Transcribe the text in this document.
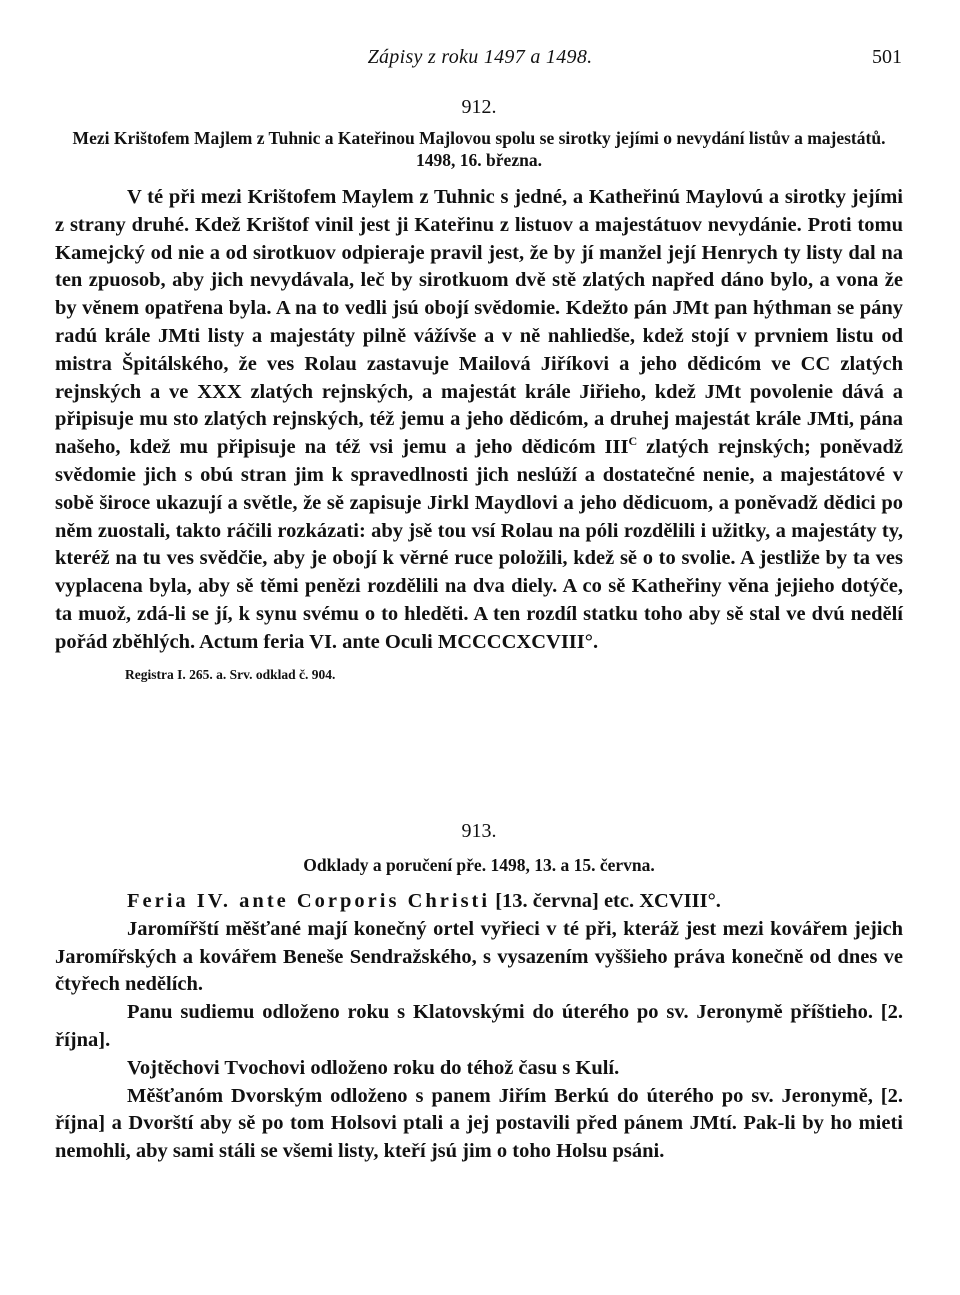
Zápisy z roku 1497 a 1498.	501
912.
Mezi Krištofem Majlem z Tuhnic a Kateřinou Majlovou spolu se sirotky jejími o nevydání listův a majestátů. 1498, 16. března.

V té při mezi Krištofem Maylem z Tuhnic s jedné, a Katheřinú Maylovú a sirotky jejími z strany druhé. Kdež Krištof vinil jest ji Kateřinu z listuov a majestátuov nevydánie. Proti tomu Kamejcký od nie a od sirotkuov odpieraje pravil jest, že by jí manžel její Henrych ty listy dal na ten zpuosob, aby jich nevydávala, leč by sirotkuom dvě stě zlatých napřed dáno bylo, a vona že by věnem opatřena byla. A na to vedli jsú obojí svědomie. Kdežto pán JMt pan hýthman se pány radú krále JMti listy a majestáty pilně vážívše a v ně nahliedše, kdež stojí v prvniem listu od mistra Špitálského, že ves Rolau zastavuje Mailová Jiříkovi a jeho dědicóm ve CC zlatých rejnských a ve XXX zlatých rejnských, a majestát krále Jiřieho, kdež JMt povolenie dává a připisuje mu sto zlatých rejnských, též jemu a jeho dědicóm, a druhej majestát krále JMti, pána našeho, kdež mu připisuje na též vsi jemu a jeho dědicóm $III^C$ zlatých rejnských; poněvadž svědomie jich s obú stran jim k spravedlnosti jich neslúží a dostatečné nenie, a majestátové v sobě široce ukazují a světle, že sě zapisuje Jirkl Maydlovi a jeho dědicuom, a poněvadž dědici po něm zuostali, takto ráčili rozkázati: aby jsě tou vsí Rolau na póli rozdělili i užitky, a majestáty ty, kteréž na tu ves svědčie, aby je obojí k věrné ruce položili, kdež sě o to svolie. A jestliže by ta ves vyplacena byla, aby sě těmi penězi rozdělili na dva diely. A co sě Katheřiny věna jejieho dotýče, ta muož, zdá-li se jí, k synu svému o to hleděti. A ten rozdíl statku toho aby sě stal ve dvú nedělí pořád zběhlých. Actum feria VI. ante Oculi MCCCCXCVIII°.

Registra I. 265. a. Srv. odklad č. 904.
913.
Odklady a poručení pře. 1498, 13. a 15. června.

Feria IV. ante Corporis Christi [13. června] etc. XCVIII°.

Jaromířští měšťané mají konečný ortel vyřieci v té při, kteráž jest mezi kovářem jejich Jaromířských a kovářem Beneše Sendražského, s vysazením vyššieho práva konečně od dnes ve čtyřech nedělích.

Panu sudiemu odloženo roku s Klatovskými do úterého po sv. Jeronymě příštieho. [2. října].

Vojtěchovi Tvochovi odloženo roku do téhož času s Kulí.

Měšťanóm Dvorským odloženo s panem Jiřím Berkú do úterého po sv. Jeronymě, [2. října] a Dvorští aby sě po tom Holsovi ptali a jej postavili před pánem JMtí. Pak-li by ho mieti nemohli, aby sami stáli se všemi listy, kteří jsú jim o toho Holsu psáni.
